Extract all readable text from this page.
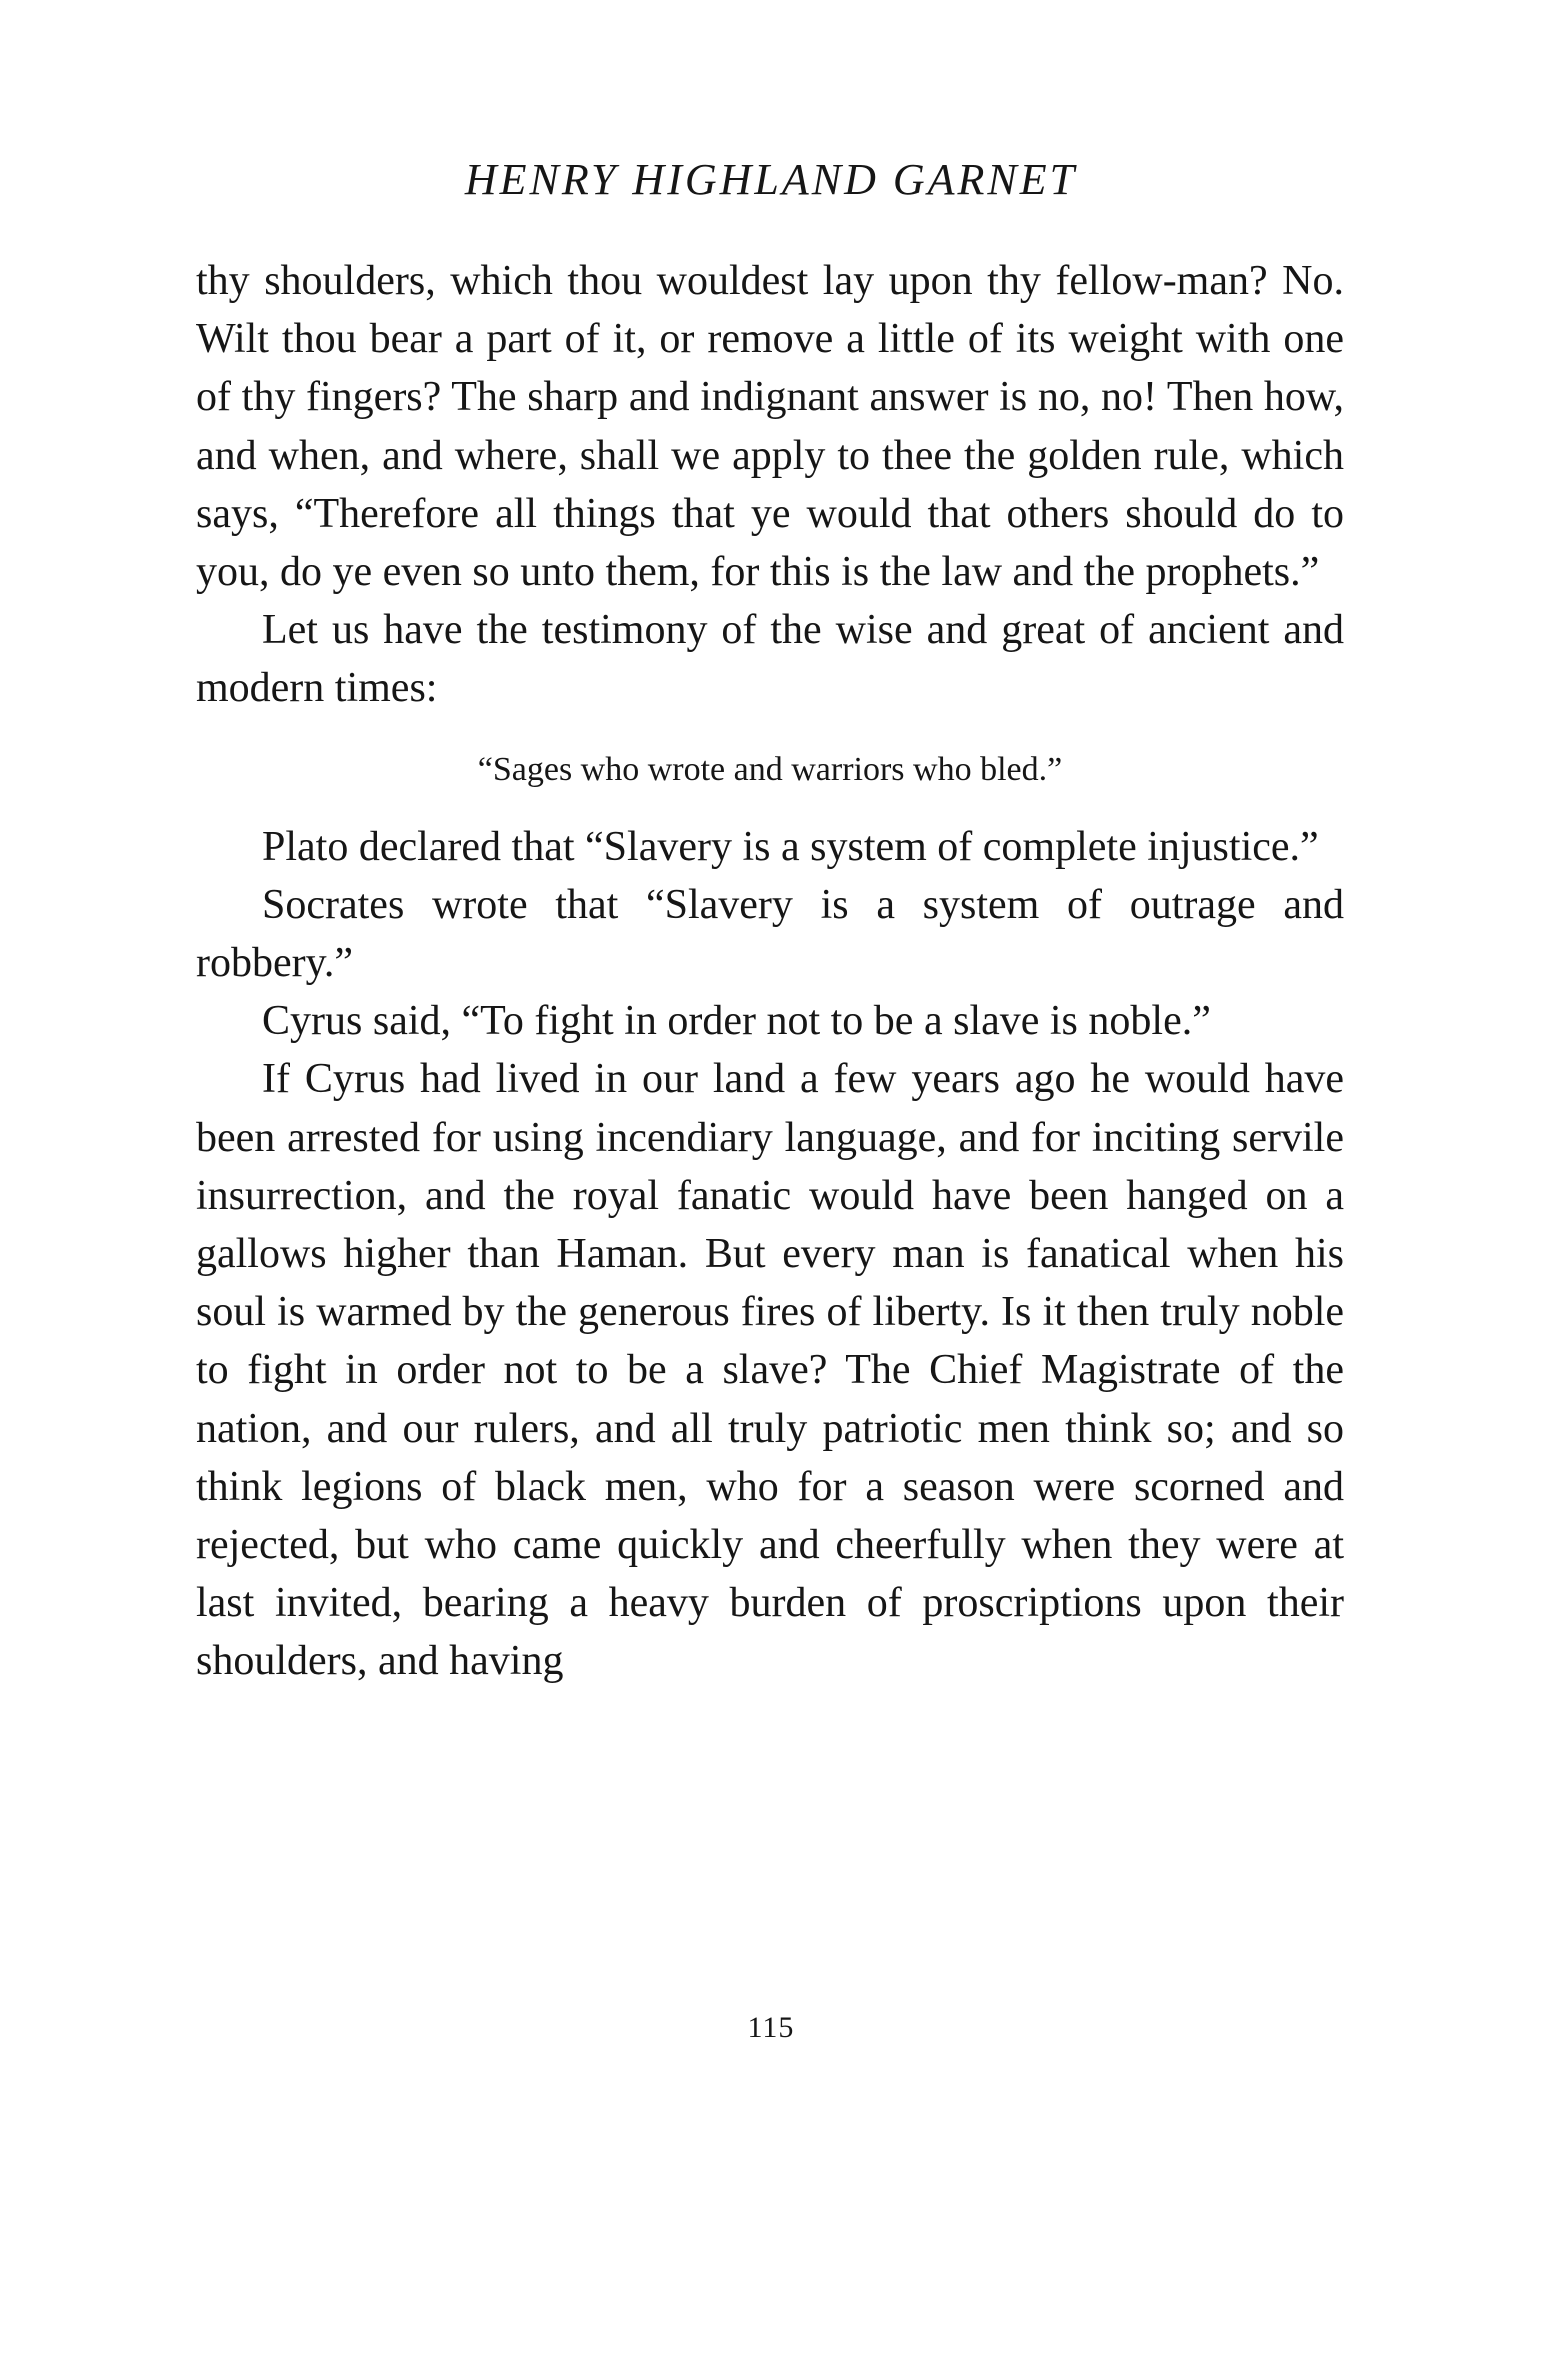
HENRY HIGHLAND GARNET

thy shoulders, which thou wouldest lay upon thy fellow-man? No. Wilt thou bear a part of it, or remove a little of its weight with one of thy fingers? The sharp and indignant answer is no, no! Then how, and when, and where, shall we apply to thee the golden rule, which says, “Therefore all things that ye would that others should do to you, do ye even so unto them, for this is the law and the prophets.”

Let us have the testimony of the wise and great of ancient and modern times:

“Sages who wrote and warriors who bled.”

Plato declared that “Slavery is a system of complete injustice.”

Socrates wrote that “Slavery is a system of outrage and robbery.”

Cyrus said, “To fight in order not to be a slave is noble.”

If Cyrus had lived in our land a few years ago he would have been arrested for using incendiary language, and for inciting servile insurrection, and the royal fanatic would have been hanged on a gallows higher than Haman. But every man is fanatical when his soul is warmed by the generous fires of liberty. Is it then truly noble to fight in order not to be a slave? The Chief Magistrate of the nation, and our rulers, and all truly patriotic men think so; and so think legions of black men, who for a season were scorned and rejected, but who came quickly and cheerfully when they were at last invited, bearing a heavy burden of proscriptions upon their shoulders, and having

115
